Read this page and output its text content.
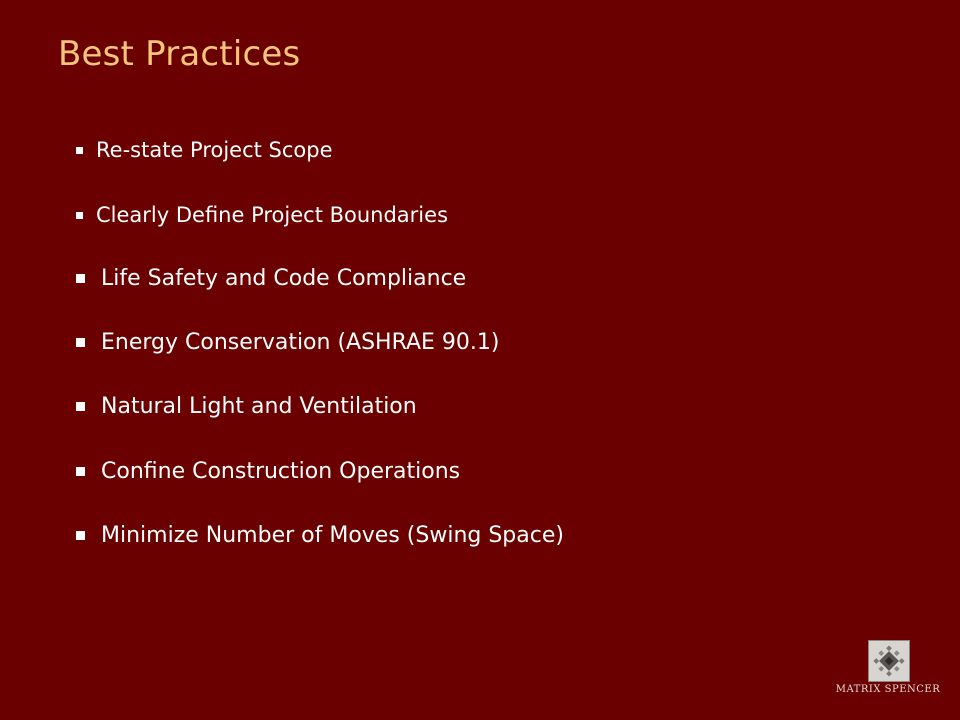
Best Practices
Re-state Project Scope
Clearly Define Project Boundaries
Life Safety and Code Compliance
Energy Conservation (ASHRAE 90.1)
Natural Light and Ventilation
Confine Construction Operations
Minimize Number of Moves (Swing Space)
MATRIX SPENCER
